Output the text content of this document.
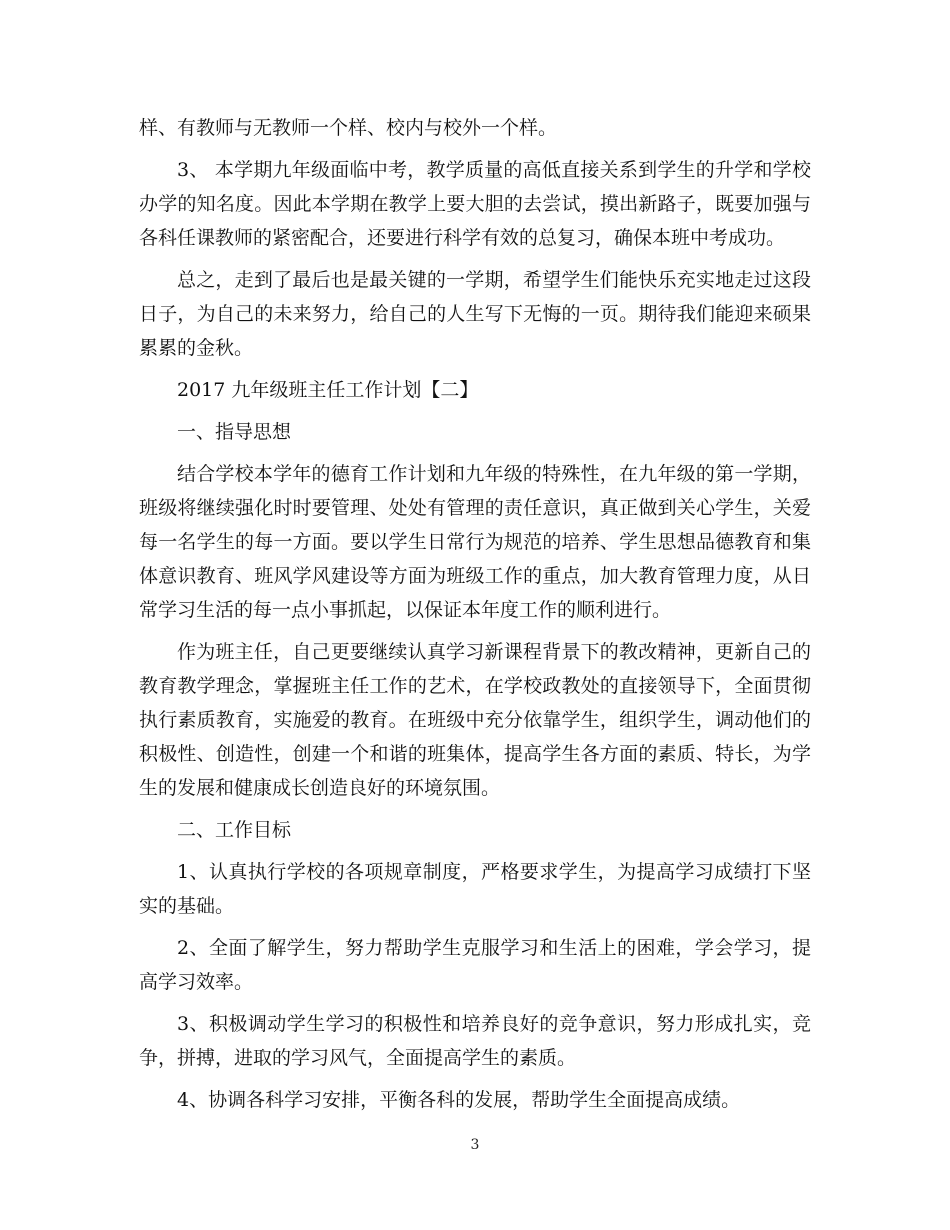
样、有教师与无教师一个样、校内与校外一个样。

3、 本学期九年级面临中考，教学质量的高低直接关系到学生的升学和学校办学的知名度。因此本学期在教学上要大胆的去尝试，摸出新路子，既要加强与各科任课教师的紧密配合，还要进行科学有效的总复习，确保本班中考成功。

总之，走到了最后也是最关键的一学期，希望学生们能快乐充实地走过这段日子，为自己的未来努力，给自己的人生写下无悔的一页。期待我们能迎来硕果累累的金秋。

2017 九年级班主任工作计划【二】

一、指导思想

结合学校本学年的德育工作计划和九年级的特殊性，在九年级的第一学期，班级将继续强化时时要管理、处处有管理的责任意识，真正做到关心学生，关爱每一名学生的每一方面。要以学生日常行为规范的培养、学生思想品德教育和集体意识教育、班风学风建设等方面为班级工作的重点，加大教育管理力度，从日常学习生活的每一点小事抓起，以保证本年度工作的顺利进行。

作为班主任，自己更要继续认真学习新课程背景下的教改精神，更新自己的教育教学理念，掌握班主任工作的艺术，在学校政教处的直接领导下，全面贯彻执行素质教育，实施爱的教育。在班级中充分依靠学生，组织学生，调动他们的积极性、创造性，创建一个和谐的班集体，提高学生各方面的素质、特长，为学生的发展和健康成长创造良好的环境氛围。

二、工作目标

1、认真执行学校的各项规章制度，严格要求学生，为提高学习成绩打下坚实的基础。

2、全面了解学生，努力帮助学生克服学习和生活上的困难，学会学习，提高学习效率。

3、积极调动学生学习的积极性和培养良好的竞争意识，努力形成扎实，竞争，拼搏，进取的学习风气，全面提高学生的素质。

4、协调各科学习安排，平衡各科的发展，帮助学生全面提高成绩。

3
